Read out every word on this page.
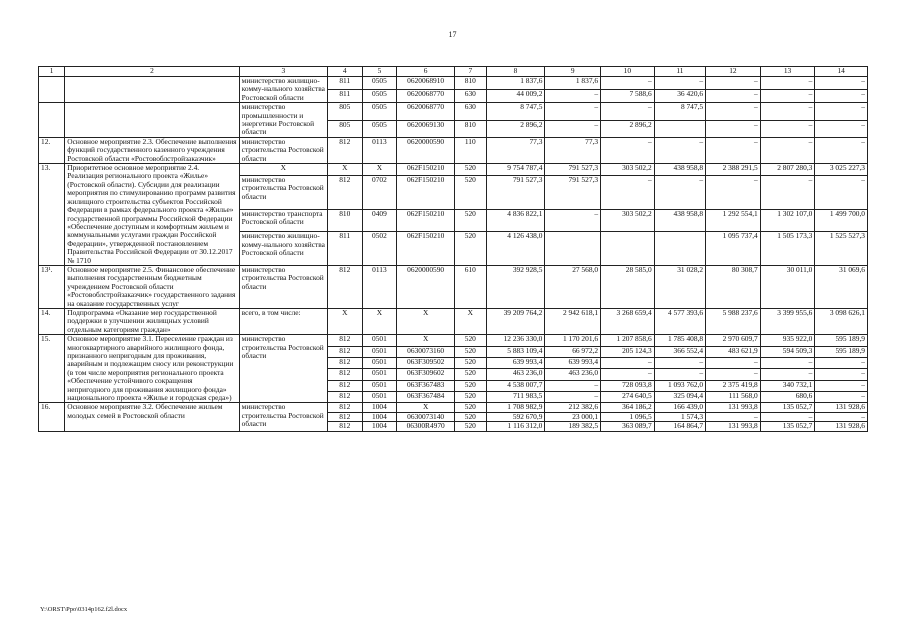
17
1	2	3	4	5	6	7	8	9	10	11	12	13	14
		министерство жилищно-комму-нального хозяйства Ростовской области	811	0505	0620068910	810	1 837,6	1 837,6	–	–	–	–	–
			811	0505	0620068770	630	44 009,2	–	7 588,6	36 420,6	–	–	–
		министерство промышленности и энергетики Ростовской области	805	0505	0620068770	630	8 747,5	–	–	8 747,5	–	–	–
			805	0505	0620069130	810	2 896,2	–	2 896,2		–	–	–
12.	Основное мероприятие 2.3. Обеспечение выполнения функций государственного казенного учреждения Ростовской области «Ростовоблстройзаказчик»	министерство строительства Ростовской области	812	0113	0620000590	110	77,3	77,3	–	–	–	–	–
13.	Приоритетное основное мероприятие 2.4. Реализация регионального проекта «Жилье» (Ростовской области). Субсидии для реализации мероприятия по стимулированию программ развития жилищного строительства субъектов Российской Федерации в рамках федерального проекта «Жилье» государственной программы Российской Федерации «Обеспечение доступным и комфортным жильем и коммунальными услугами граждан Российской Федерации», утвержденной постановлением Правительства Российской Федерации от 30.12.2017 № 1710	X	X	X	062F150210	520	9 754 787,4	791 527,3	303 502,2	438 958,8	2 388 291,5	2 807 280,3	3 025 227,3
		министерство строительства Ростовской области	812	0702	062F150210	520	791 527,3	791 527,3	–	–	–	–	–
		министерство транспорта Ростовской области	810	0409	062F150210	520	4 836 822,1	–	303 502,2	438 958,8	1 292 554,1	1 302 107,0	1 499 700,0
		министерство жилищно-комму-нального хозяйства Ростовской области	811	0502	062F150210	520	4 126 438,0				1 095 737,4	1 505 173,3	1 525 527,3
13¹.	Основное мероприятие 2.5. Финансовое обеспечение выполнения государственным бюджетным учреждением Ростовской области «Ростовоблстройзаказчик» государственного задания на оказание государственных услуг	министерство строительства Ростовской области	812	0113	0620000590	610	392 928,5	27 568,0	28 585,0	31 028,2	80 308,7	30 011,0	31 069,6
14.	Подпрограмма «Оказание мер государственной поддержки в улучшении жилищных условий отдельным категориям граждан»	всего, в том числе:	X	X	X	X	39 209 764,2	2 942 618,1	3 268 659,4	4 577 393,6	5 988 237,6	3 399 955,6	3 098 626,1
15.	Основное мероприятие 3.1. Переселение граждан из многоквартирного аварийного жилищного фонда, признанного непригодным для проживания, аварийным и подлежащим сносу или реконструкции (в том числе мероприятия регионального проекта «Обеспечение устойчивого сокращения непригодного для проживания жилищного фонда» национального проекта «Жилье и городская среда»)	министерство строительства Ростовской области	812	0501	X	520	12 236 330,0	1 170 201,6	1 207 858,6	1 785 408,8	2 970 609,7	935 922,0	595 189,9
			812	0501	0630073160	520	5 883 109,4	66 972,2	205 124,3	366 552,4	483 621,9	594 509,3	595 189,9
			812	0501	063F309502	520	639 993,4	639 993,4	–	–	–	–	–
			812	0501	063F309602	520	463 236,0	463 236,0	–	–	–	–	–
			812	0501	063F367483	520	4 538 007,7	–	728 093,8	1 093 762,0	2 375 419,8	340 732,1	–
			812	0501	063F367484	520	711 983,5	–	274 640,5	325 094,4	111 568,0	680,6	–
16.	Основное мероприятие 3.2. Обеспечение жильем молодых семей в Ростовской области	министерство строительства Ростовской области	812	1004	X	520	1 708 982,9	212 382,6	364 186,2	166 439,0	131 993,8	135 052,7	131 928,6
			812	1004	0630073140	520	592 670,9	23 000,1	1 096,5	1 574,3	–	–	–
			812	1004	06300R4970	520	1 116 312,0	189 382,5	363 089,7	164 864,7	131 993,8	135 052,7	131 928,6
Y:\ORST\Ppo\0314p162.f2l.docx
